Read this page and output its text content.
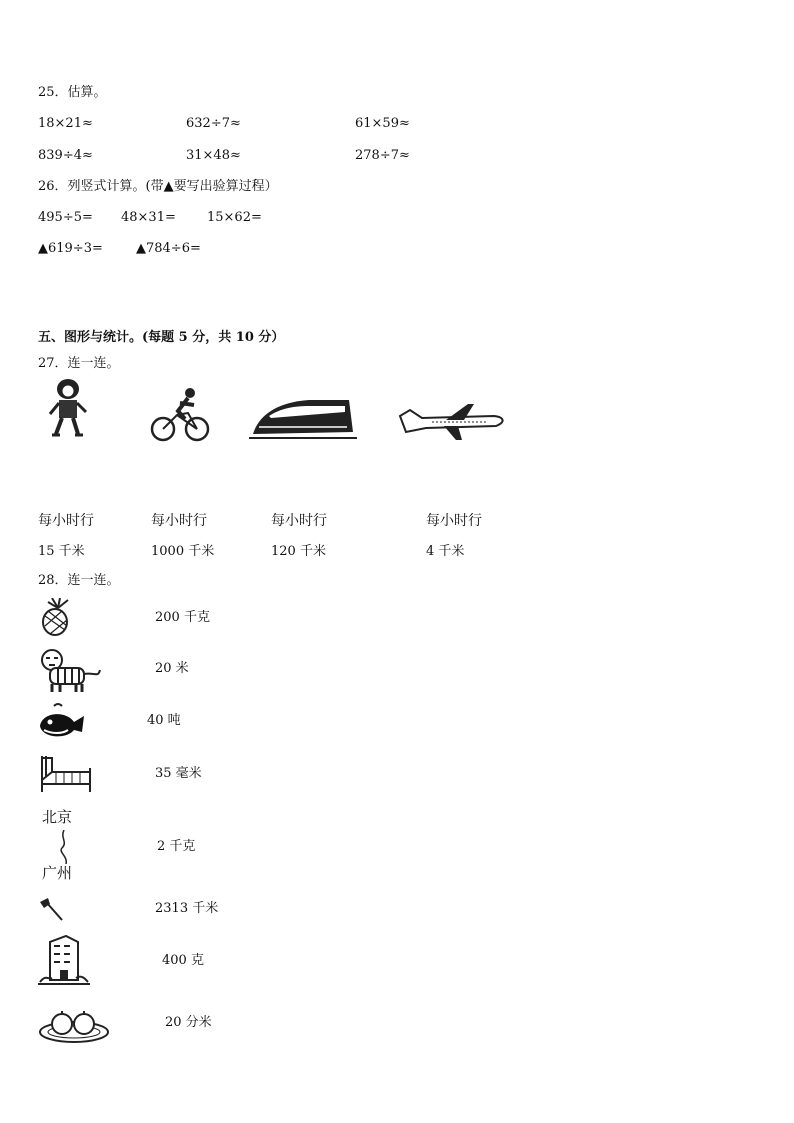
25．估算。
18×21≈	632÷7≈	61×59≈
839÷4≈	31×48≈	278÷7≈
26．列竖式计算。(带▲要写出验算过程）
495÷5= 48×31= 15×62=
▲619÷3=	▲784÷6=
五、图形与统计。(每题 5 分，共 10 分）
27．连一连。
每小时行	每小时行	每小时行	每小时行
15 千米	1000 千米	120 千米	4 千米
28．连一连。
200 千克
20 米
40 吨
35 毫米
北京
广州
2 千克
2313 千米
400 克
20 分米
